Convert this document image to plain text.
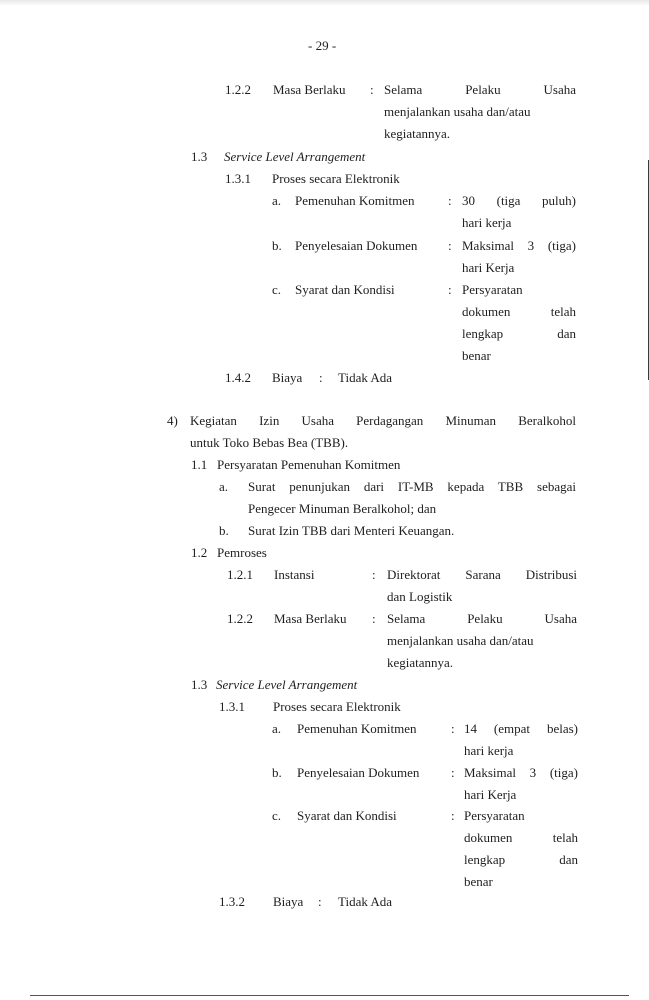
- 29 -
1.2.2 Masa Berlaku : Selama Pelaku Usaha
menjalankan usaha dan/atau
kegiatannya.
1.3 Service Level Arrangement
1.3.1 Proses secara Elektronik
a. Pemenuhan Komitmen	: 30 (tiga puluh)
hari kerja
b. Penyelesaian Dokumen : Maksimal 3 (tiga)
hari Kerja
c. Syarat dan Kondisi	: Persyaratan
dokumen telah
lengkap dan
benar
1.4.2 Biaya : Tidak Ada
4) Kegiatan Izin Usaha Perdagangan Minuman Beralkohol
untuk Toko Bebas Bea (TBB).
1.1 Persyaratan Pemenuhan Komitmen
a. Surat penunjukan dari IT-MB kepada TBB sebagai
Pengecer Minuman Beralkohol; dan
b. Surat Izin TBB dari Menteri Keuangan.
1.2 Pemroses
1.2.1 Instansi	: Direktorat Sarana Distribusi
dan Logistik
1.2.2 Masa Berlaku : Selama Pelaku Usaha
menjalankan usaha dan/atau
kegiatannya.
1.3 Service Level Arrangement
1.3.1 Proses secara Elektronik
a. Pemenuhan Komitmen	: 14 (empat belas)
hari kerja
b. Penyelesaian Dokumen : Maksimal 3 (tiga)
hari Kerja
c. Syarat dan Kondisi	: Persyaratan
dokumen telah
lengkap dan
benar
1.3.2 Biaya : Tidak Ada
